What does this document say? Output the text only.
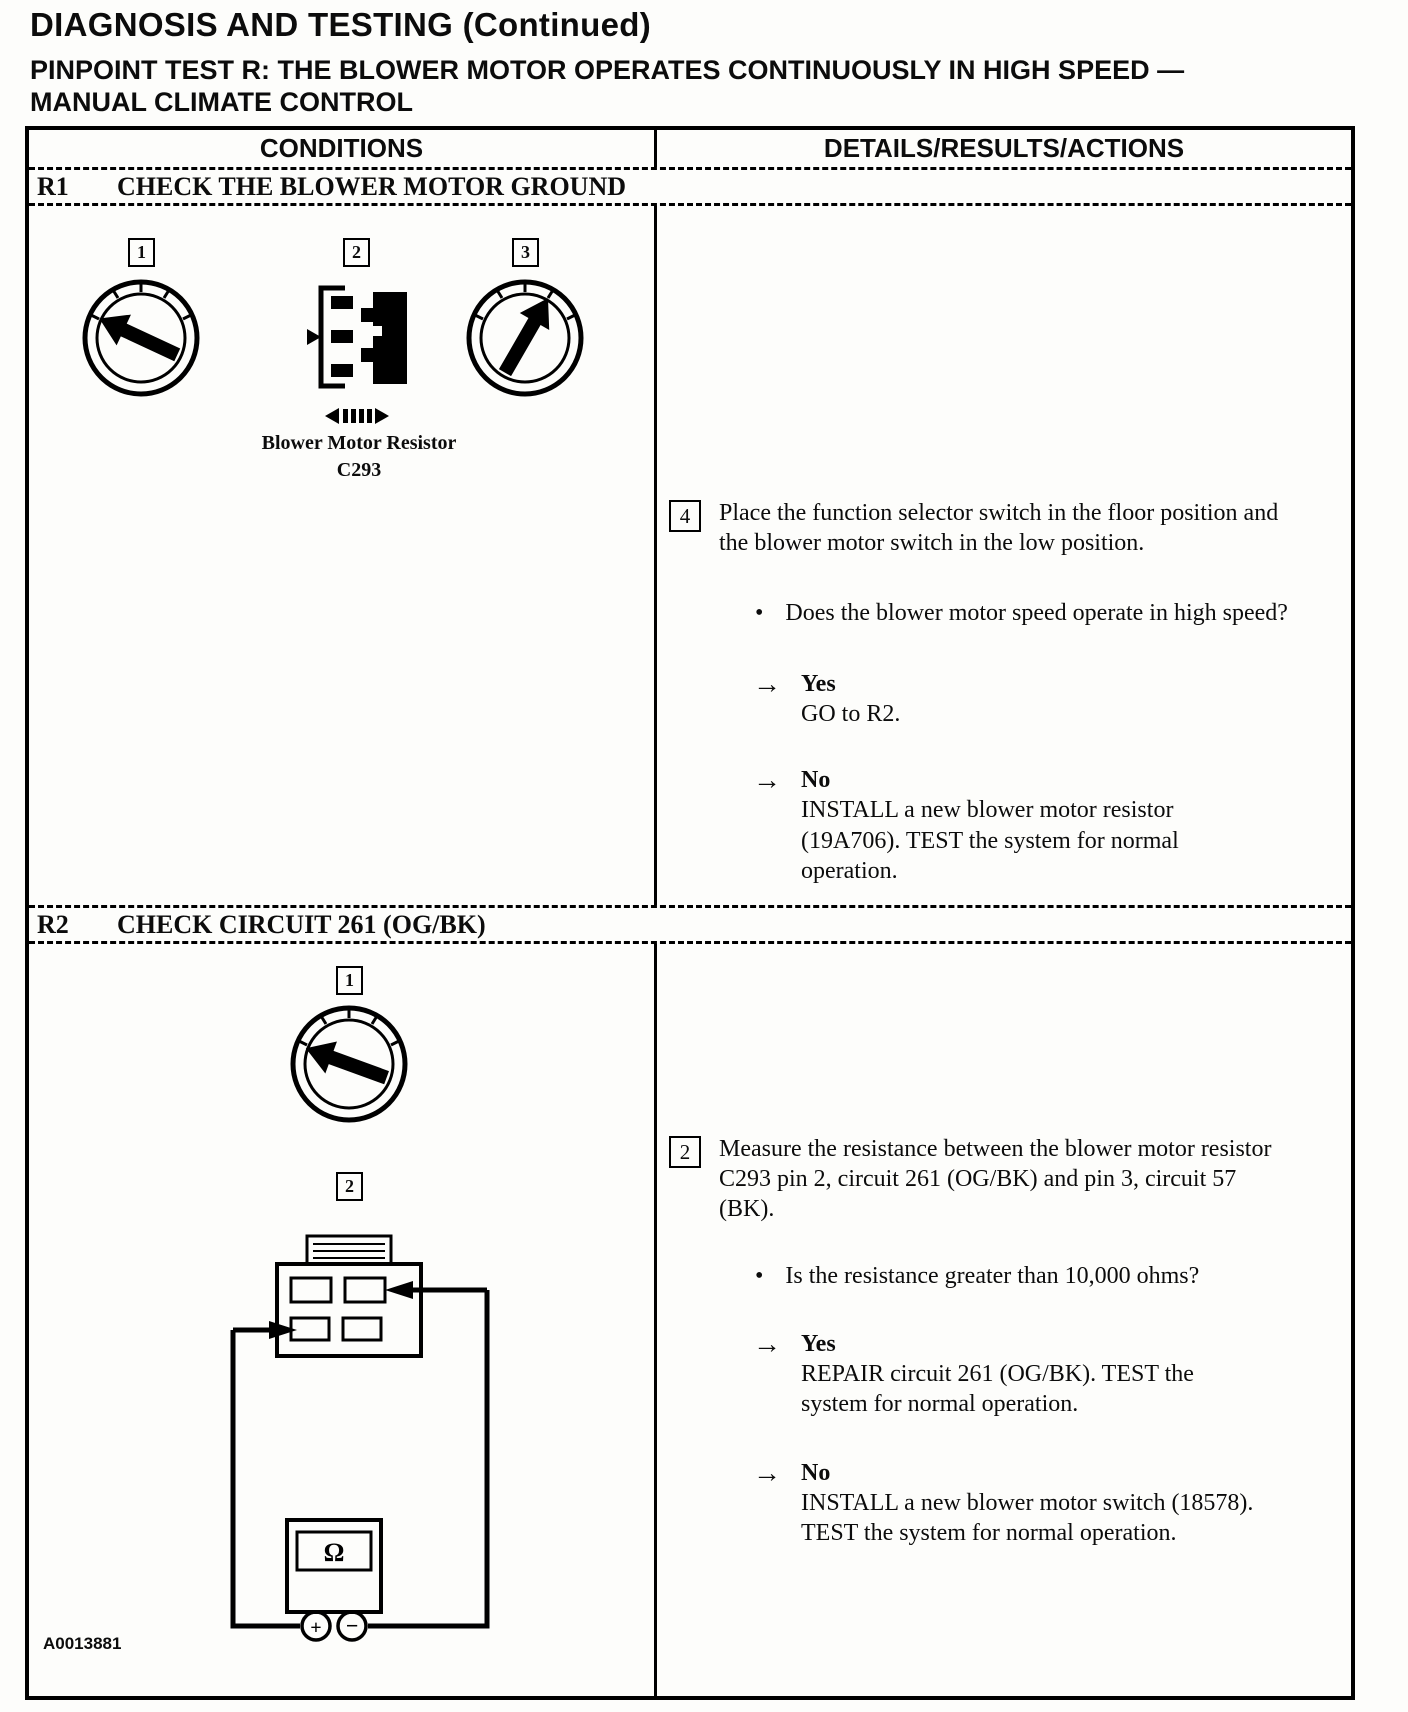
DIAGNOSIS AND TESTING (Continued)
PINPOINT TEST R: THE BLOWER MOTOR OPERATES CONTINUOUSLY IN HIGH SPEED —
MANUAL CLIMATE CONTROL
CONDITIONS	DETAILS/RESULTS/ACTIONS
R1	CHECK THE BLOWER MOTOR GROUND
1	2	3
Blower Motor Resistor
C293
4	Place the function selector switch in the floor position and the blower motor switch in the low position.
• Does the blower motor speed operate in high speed?
→ Yes
GO to R2.
→ No
INSTALL a new blower motor resistor (19A706). TEST the system for normal operation.
R2	CHECK CIRCUIT 261 (OG/BK)
1
2
Ω
+ −
A0013881
2	Measure the resistance between the blower motor resistor C293 pin 2, circuit 261 (OG/BK) and pin 3, circuit 57 (BK).
• Is the resistance greater than 10,000 ohms?
→ Yes
REPAIR circuit 261 (OG/BK). TEST the system for normal operation.
→ No
INSTALL a new blower motor switch (18578). TEST the system for normal operation.
